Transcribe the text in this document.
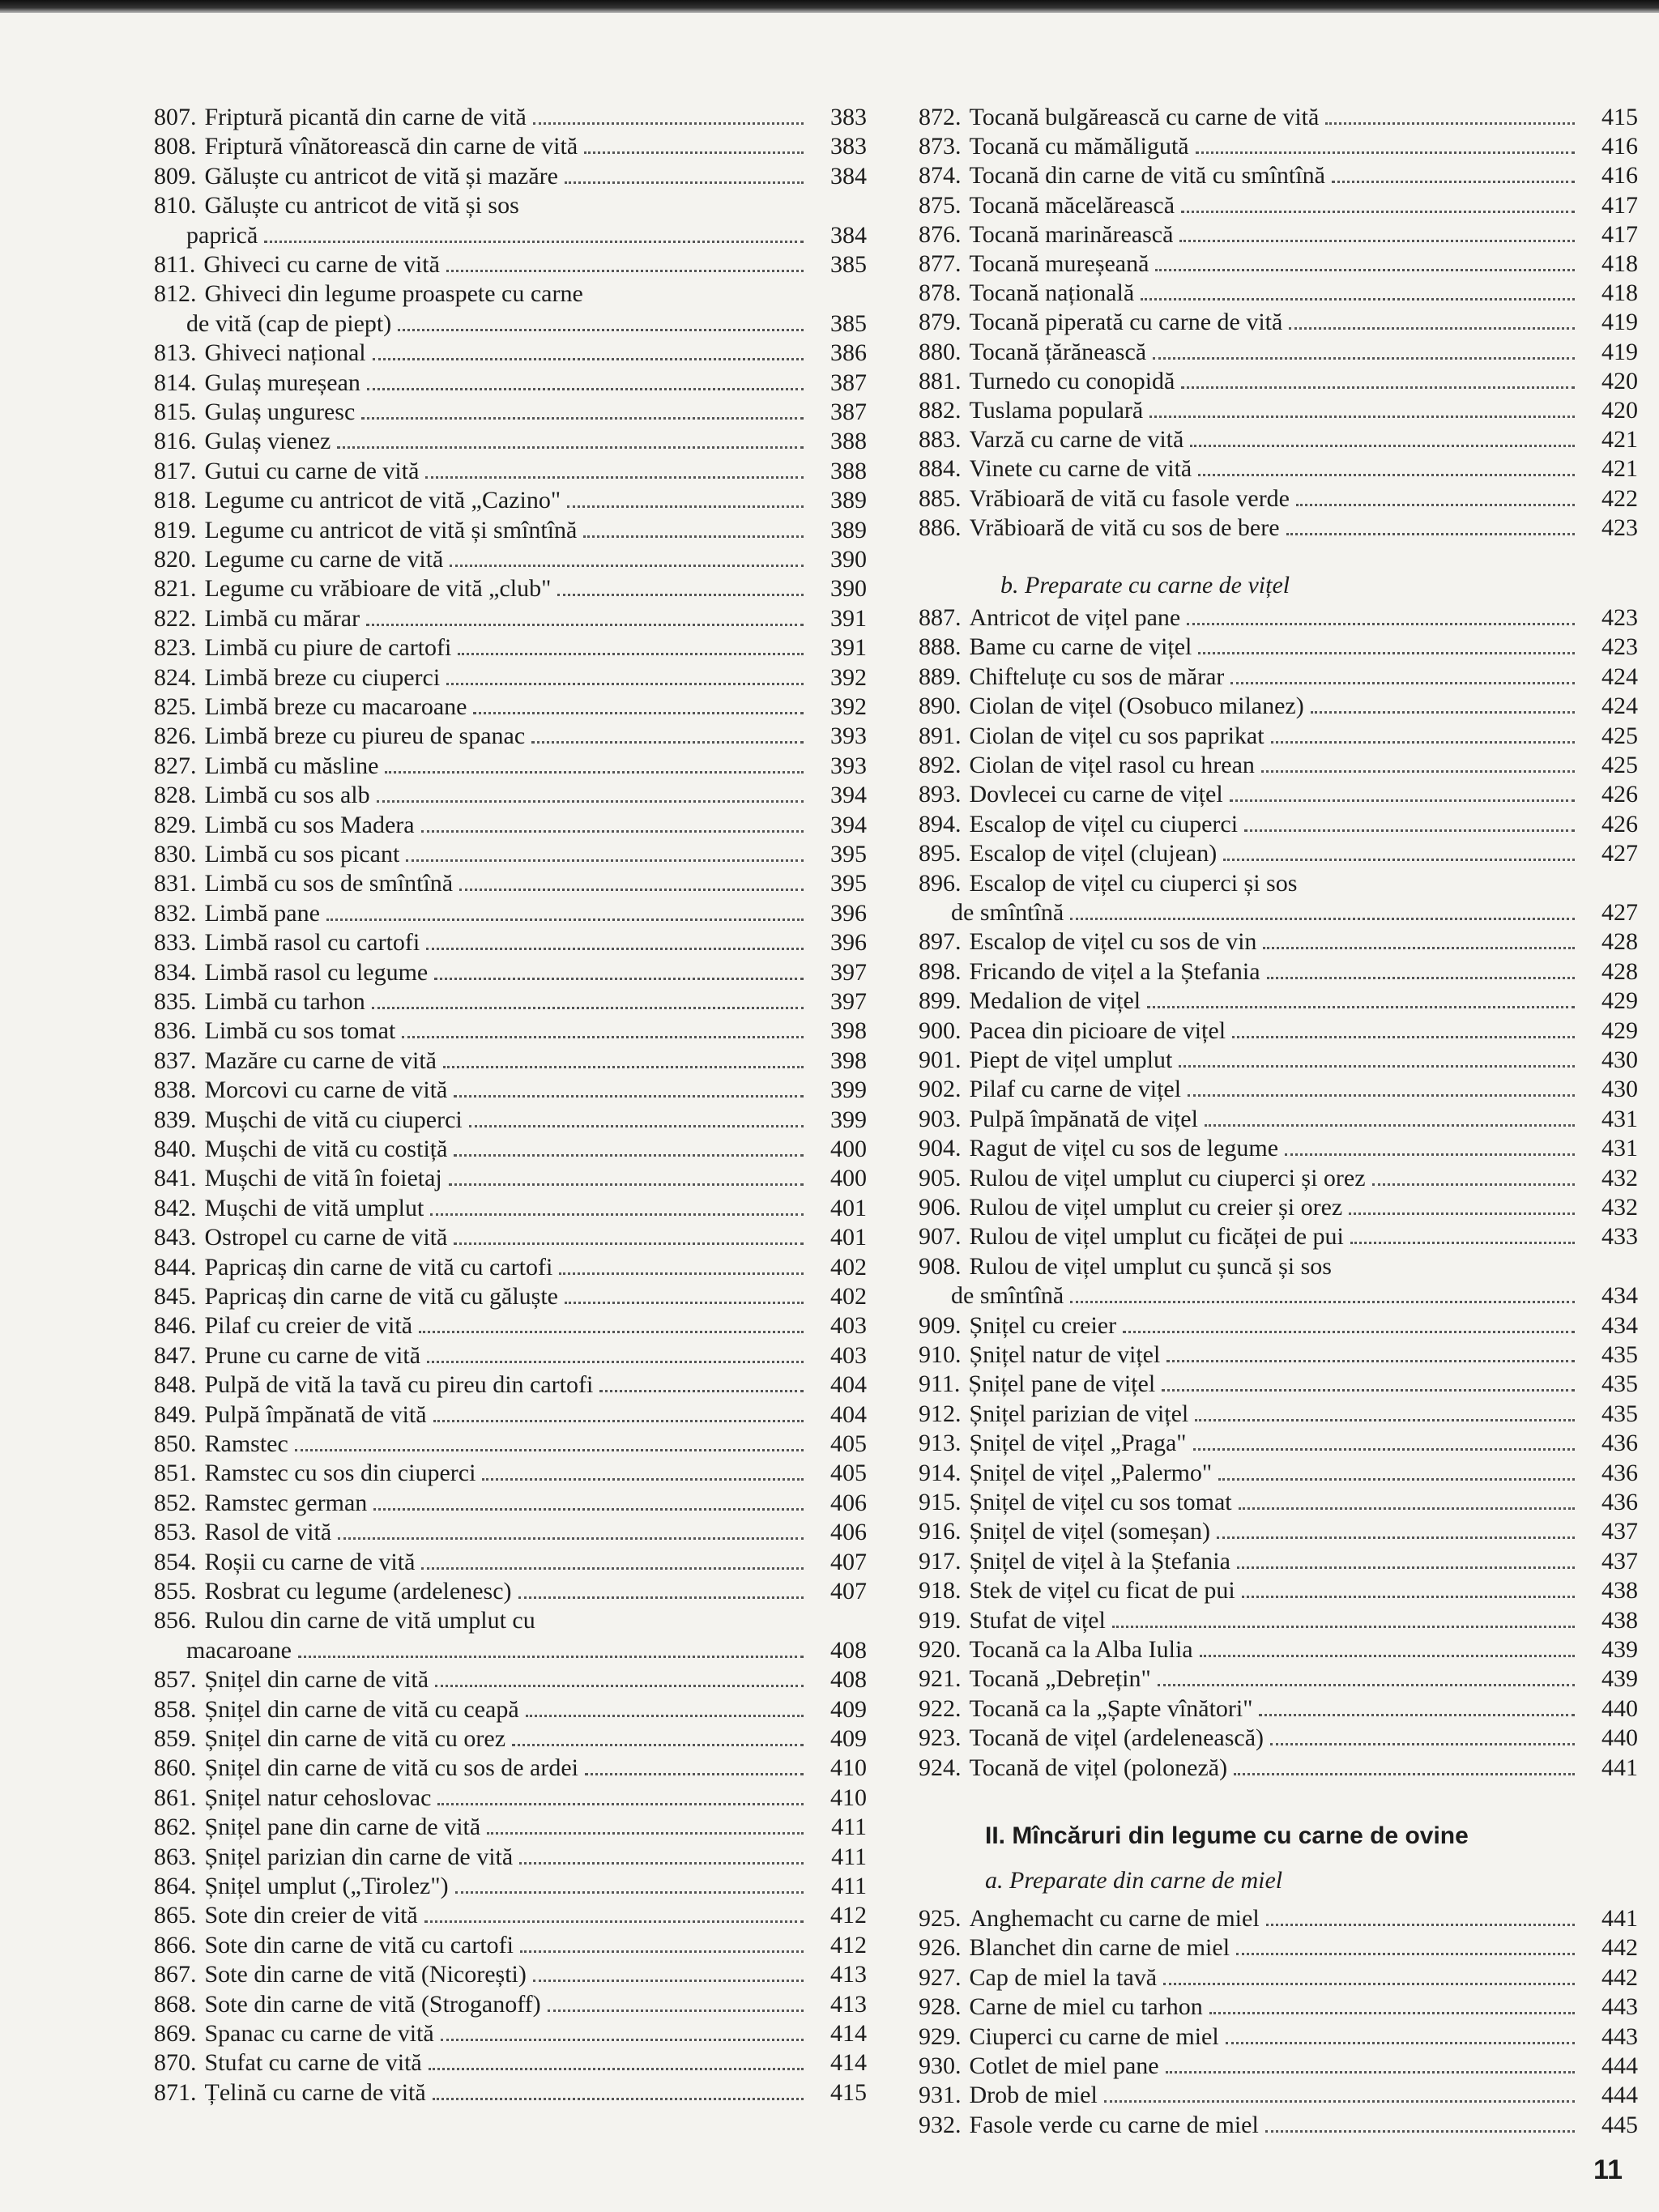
807. Friptură picantă din carne de vită	383
808. Friptură vînătorească din carne de vită	383
809. Găluște cu antricot de vită și mazăre	384
810. Găluște cu antricot de vită și sos
paprică	384
811. Ghiveci cu carne de vită	385
812. Ghiveci din legume proaspete cu carne
de vită (cap de piept)	385
813. Ghiveci național	386
814. Gulaș mureșean	387
815. Gulaș unguresc	387
816. Gulaș vienez	388
817. Gutui cu carne de vită	388
818. Legume cu antricot de vită „Cazino"	389
819. Legume cu antricot de vită și smîntînă	389
820. Legume cu carne de vită	390
821. Legume cu vrăbioare de vită „club"	390
822. Limbă cu mărar	391
823. Limbă cu piure de cartofi	391
824. Limbă breze cu ciuperci	392
825. Limbă breze cu macaroane	392
826. Limbă breze cu piureu de spanac	393
827. Limbă cu măsline	393
828. Limbă cu sos alb	394
829. Limbă cu sos Madera	394
830. Limbă cu sos picant	395
831. Limbă cu sos de smîntînă	395
832. Limbă pane	396
833. Limbă rasol cu cartofi	396
834. Limbă rasol cu legume	397
835. Limbă cu tarhon	397
836. Limbă cu sos tomat	398
837. Mazăre cu carne de vită	398
838. Morcovi cu carne de vită	399
839. Mușchi de vită cu ciuperci	399
840. Mușchi de vită cu costiță	400
841. Mușchi de vită în foietaj	400
842. Mușchi de vită umplut	401
843. Ostropel cu carne de vită	401
844. Papricaș din carne de vită cu cartofi	402
845. Papricaș din carne de vită cu găluște	402
846. Pilaf cu creier de vită	403
847. Prune cu carne de vită	403
848. Pulpă de vită la tavă cu pireu din cartofi	404
849. Pulpă împănată de vită	404
850. Ramstec	405
851. Ramstec cu sos din ciuperci	405
852. Ramstec german	406
853. Rasol de vită	406
854. Roșii cu carne de vită	407
855. Rosbrat cu legume (ardelenesc)	407
856. Rulou din carne de vită umplut cu
macaroane	408
857. Șnițel din carne de vită	408
858. Șnițel din carne de vită cu ceapă	409
859. Șnițel din carne de vită cu orez	409
860. Șnițel din carne de vită cu sos de ardei	410
861. Șnițel natur cehoslovac	410
862. Șnițel pane din carne de vită	411
863. Șnițel parizian din carne de vită	411
864. Șnițel umplut („Tirolez")	411
865. Sote din creier de vită	412
866. Sote din carne de vită cu cartofi	412
867. Sote din carne de vită (Nicorești)	413
868. Sote din carne de vită (Stroganoff)	413
869. Spanac cu carne de vită	414
870. Stufat cu carne de vită	414
871. Țelină cu carne de vită	415
b. Preparate cu carne de vițel
II. Mîncăruri din legume cu carne de ovine
a. Preparate din carne de miel
872. Tocană bulgărească cu carne de vită	415
873. Tocană cu mămăligută	416
874. Tocană din carne de vită cu smîntînă	416
875. Tocană măcelărească	417
876. Tocană marinărească	417
877. Tocană mureșeană	418
878. Tocană națională	418
879. Tocană piperată cu carne de vită	419
880. Tocană țărănească	419
881. Turnedo cu conopidă	420
882. Tuslama populară	420
883. Varză cu carne de vită	421
884. Vinete cu carne de vită	421
885. Vrăbioară de vită cu fasole verde	422
886. Vrăbioară de vită cu sos de bere	423
887. Antricot de vițel pane	423
888. Bame cu carne de vițel	423
889. Chifteluțe cu sos de mărar	424
890. Ciolan de vițel (Osobuco milanez)	424
891. Ciolan de vițel cu sos paprikat	425
892. Ciolan de vițel rasol cu hrean	425
893. Dovlecei cu carne de vițel	426
894. Escalop de vițel cu ciuperci	426
895. Escalop de vițel (clujean)	427
896. Escalop de vițel cu ciuperci și sos
de smîntînă	427
897. Escalop de vițel cu sos de vin	428
898. Fricando de vițel a la Ștefania	428
899. Medalion de vițel	429
900. Pacea din picioare de vițel	429
901. Piept de vițel umplut	430
902. Pilaf cu carne de vițel	430
903. Pulpă împănată de vițel	431
904. Ragut de vițel cu sos de legume	431
905. Rulou de vițel umplut cu ciuperci și orez	432
906. Rulou de vițel umplut cu creier și orez	432
907. Rulou de vițel umplut cu ficăței de pui	433
908. Rulou de vițel umplut cu șuncă și sos
de smîntînă	434
909. Șnițel cu creier	434
910. Șnițel natur de vițel	435
911. Șnițel pane de vițel	435
912. Șnițel parizian de vițel	435
913. Șnițel de vițel „Praga"	436
914. Șnițel de vițel „Palermo"	436
915. Șnițel de vițel cu sos tomat	436
916. Șnițel de vițel (someșan)	437
917. Șnițel de vițel à la Ștefania	437
918. Stek de vițel cu ficat de pui	438
919. Stufat de vițel	438
920. Tocană ca la Alba Iulia	439
921. Tocană „Debrețin"	439
922. Tocană ca la „Șapte vînători"	440
923. Tocană de vițel (ardelenească)	440
924. Tocană de vițel (poloneză)	441
925. Anghemacht cu carne de miel	441
926. Blanchet din carne de miel	442
927. Cap de miel la tavă	442
928. Carne de miel cu tarhon	443
929. Ciuperci cu carne de miel	443
930. Cotlet de miel pane	444
931. Drob de miel	444
932. Fasole verde cu carne de miel	445
11
